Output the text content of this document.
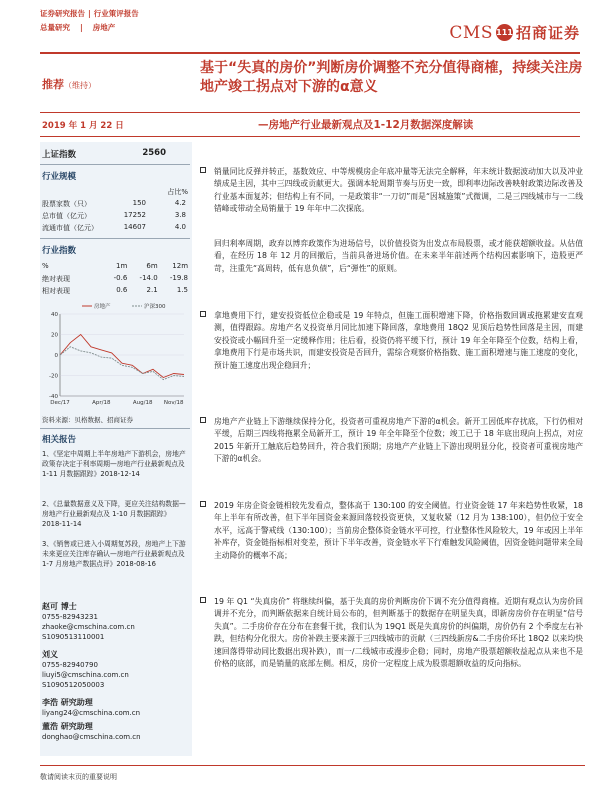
证券研究报告 | 行业策评报告
总量研究 | 房地产	CMS 111 招商证券
推荐（维持）
基于“失真的房价”判断房价调整不充分值得商榷，持续关注房地产竣工拐点对下游的α意义
2019 年 1 月 22 日	—房地产行业最新观点及1-12月数据深度解读
上证指数	2560
行业规模
占比%
股票家数（只）	150	4.2
总市值（亿元）	17252	3.8
流通市值（亿元）	14607	4.0
行业指数
%	1m	6m	12m
绝对表现	-0.6	-14.0	-19.8
相对表现	0.6	2.1	1.5
40
20
0
-20
-40
Dec/17	Apr/18	Aug/18 Nov/18
房地产	沪深300
资料来源：贝格数据、招商证券
相关报告
1、《坚定中周期上半年房地产下游机会，房地产政策存决定于利率周期—房地产行业最新观点及 1-11 月数据跟踪》2018-12-14
2、《总量数据意义及下降，更应关注结构数据—房地产行业最新观点及 1-10 月数据跟踪》2018-11-14
3、《销售或已进入小周期复苏段，房地产上下游未来更应关注库存确认—房地产行业最新观点及 1-7 月房地产数据点评》2018-08-16
赵可 博士
0755-82943231
zhaoke@cmschina.com.cn
S1090513110001
刘义
0755-82940790
liuyi5@cmschina.com.cn
S1090512050003
李浩 研究助理
liyang24@cmschina.com.cn
董浩 研究助理
donghao@cmschina.com.cn
销量同比反弹并转正，基数效应、中等规模房企年底冲量等无法完全解释，年末统计数据波动加大以及冲业绩成是主因，其中三四线或贡献更大。强调本轮周期节奏与历史一致，即利率边际改善映射政策边际改善及行业基本面复苏；但结构上有不同，一是政策非“一刀切”而是“因城施策”式微调，二是三四线城市与一二线错峰或带动全局销量于 19 年年中二次探底。
回归利率周期，政弃以博弈政策作为进场信号，以价值投资为出发点布局股票，或才能获超额收益。从估值看，在经历 18 年 12 月的回撤后，当前具备进场价值。在未来半年前述两个结构因素影响下，造股更严苛，注重先“高周转，低有息负债”，后“弹性”的原则。
拿地费用下行，建安投资低位企稳或是 19 年特点，但施工面积增速下降，价格指数回调或拖累建安直观测，值得跟踪。房地产名义投资单月同比加速下降回落，拿地费用 18Q2 见顶后趋势性回落是主因，而建安投资或小幅回升至一定缓释作用；往后看，投资仍将平缓下行，预计 19 年全年降至个位数，结构上看，拿地费用下行是市场共识，而建安投资是否回升，需综合观察价格指数、施工面积增速与施工速度的变化，预计施工速度出现企稳回升；
房地产产业链上下游继续保持分化，投资者可重视房地产下游的α机会。新开工因低库存扰底，下行仍相对平缓，后期三四线将拖累全局新开工，预计 19 年全年降至个位数；竣工已于 18 年底出现向上拐点，对应 2015 年新开工触底后趋势回升，符合我们预期；房地产产业链上下游出现明显分化，投资者可重视房地产下游的α机会。
2019 年房企资金链相较先发看点，整体高于 130:100 的安全阈值。行业资金链 17 年来趋势性收紧，18 年上半年有所改善，但下半年国资金来源回落较投资更快，又复收紧（12 月为 138:100），但仍位于安全水平，远高于警戒线（130:100）；当前房企整体资金链水平可控，行业整体性风险较大，19 年或因上半年补库存，资金链指标相对变差，预计下半年改善，资金链水平下行难触发风险阈值，因资金链问题带来全局主动降价的概率不高；
19 年 Q1 “失真房价” 将继续纠偏，基于失真的房价判断房价下调不充分值得商榷。近期有观点认为房价回调并不充分，而判断依据来自统计局公布的，但判断基于的数据存在明显失真，即新房房价存在明显“信号失真”。二手房价存在分布在套餐干扰，我们认为 19Q1 既是失真房价的纠偏期，房价仍有 2 个季度左右补跌，但结构分化很大。房价补跌主要来源于三四线城市的贡献（三四线新房&二手房价环比 18Q2 以来均快速回落得带动同比数据出现补跌），而一/二线城市或漫步企稳；同时，房地产股票超额收益起点从来也不是价格的底部，而是销量的底部左侧。相反，房价一定程度上成为股票超额收益的反向指标。
敬请阅读末页的重要说明
